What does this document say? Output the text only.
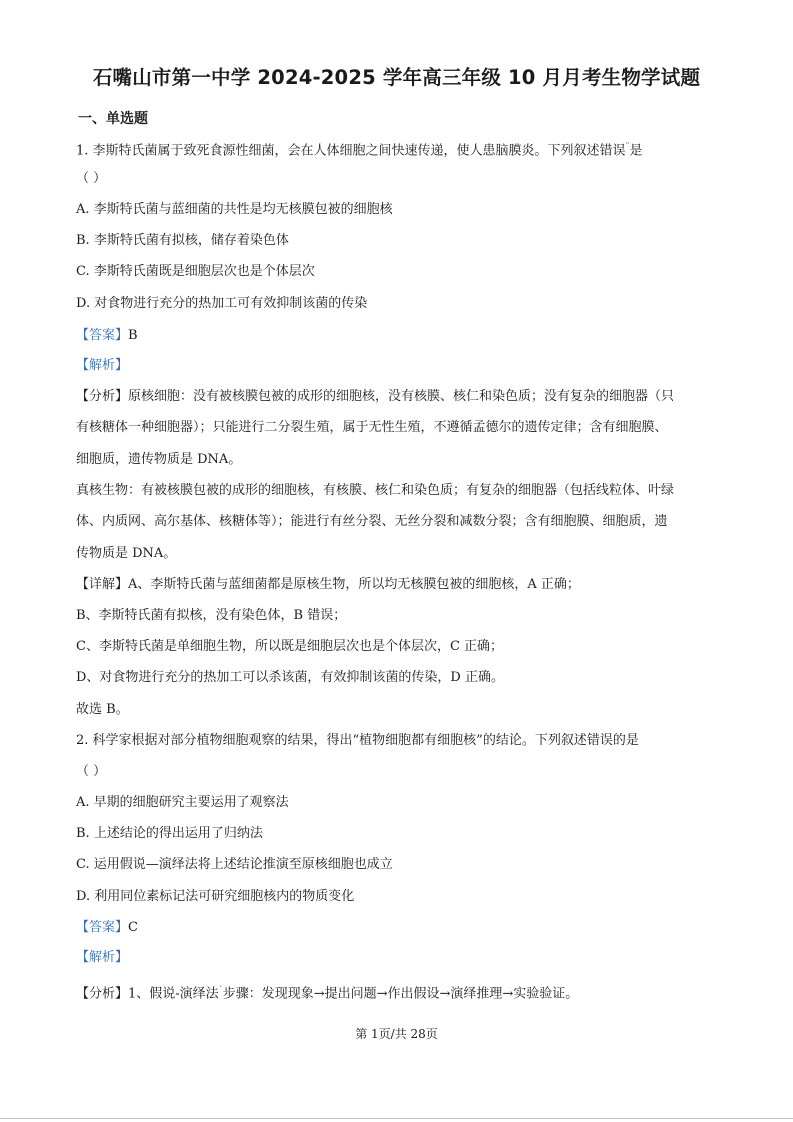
石嘴山市第一中学 2024-2025 学年高三年级 10 月月考生物学试题
一、单选题
1. 李斯特氏菌属于致死食源性细菌，会在人体细胞之间快速传递，使人患脑膜炎。下列叙述错误¨是
（ ）
A. 李斯特氏菌与蓝细菌的共性是均无核膜包被的细胞核
B. 李斯特氏菌有拟核，储存着染色体
C. 李斯特氏菌既是细胞层次也是个体层次
D. 对食物进行充分的热加工可有效抑制该菌的传染
【答案】B
【解析】
【分析】原核细胞：没有被核膜包被的成形的细胞核，没有核膜、核仁和染色质；没有复杂的细胞器（只
有核糖体一种细胞器）；只能进行二分裂生殖，属于无性生殖，不遵循孟德尔的遗传定律；含有细胞膜、
细胞质，遗传物质是 DNA。
真核生物：有被核膜包被的成形的细胞核，有核膜、核仁和染色质；有复杂的细胞器（包括线粒体、叶绿
体、内质网、高尔基体、核糖体等）；能进行有丝分裂、无丝分裂和减数分裂；含有细胞膜、细胞质，遗
传物质是 DNA。
【详解】A、李斯特氏菌与蓝细菌都是原核生物，所以均无核膜包被的细胞核，A 正确；
B、李斯特氏菌有拟核，没有染色体，B 错误；
C、李斯特氏菌是单细胞生物，所以既是细胞层次也是个体层次，C 正确；
D、对食物进行充分的热加工可以杀该菌，有效抑制该菌的传染，D 正确。
故选 B。
2. 科学家根据对部分植物细胞观察的结果，得出“植物细胞都有细胞核”的结论。下列叙述错误的是
（ ）
A. 早期的细胞研究主要运用了观察法
B. 上述结论的得出运用了归纳法
C. 运用假说—演绎法将上述结论推演至原核细胞也成立
D. 利用同位素标记法可研究细胞核内的物质变化
【答案】C
【解析】
【分析】1、假说-演绎法˙步骤：发现现象→提出问题→作出假设→演绎推理→实验验证。
第 1页/共 28页
